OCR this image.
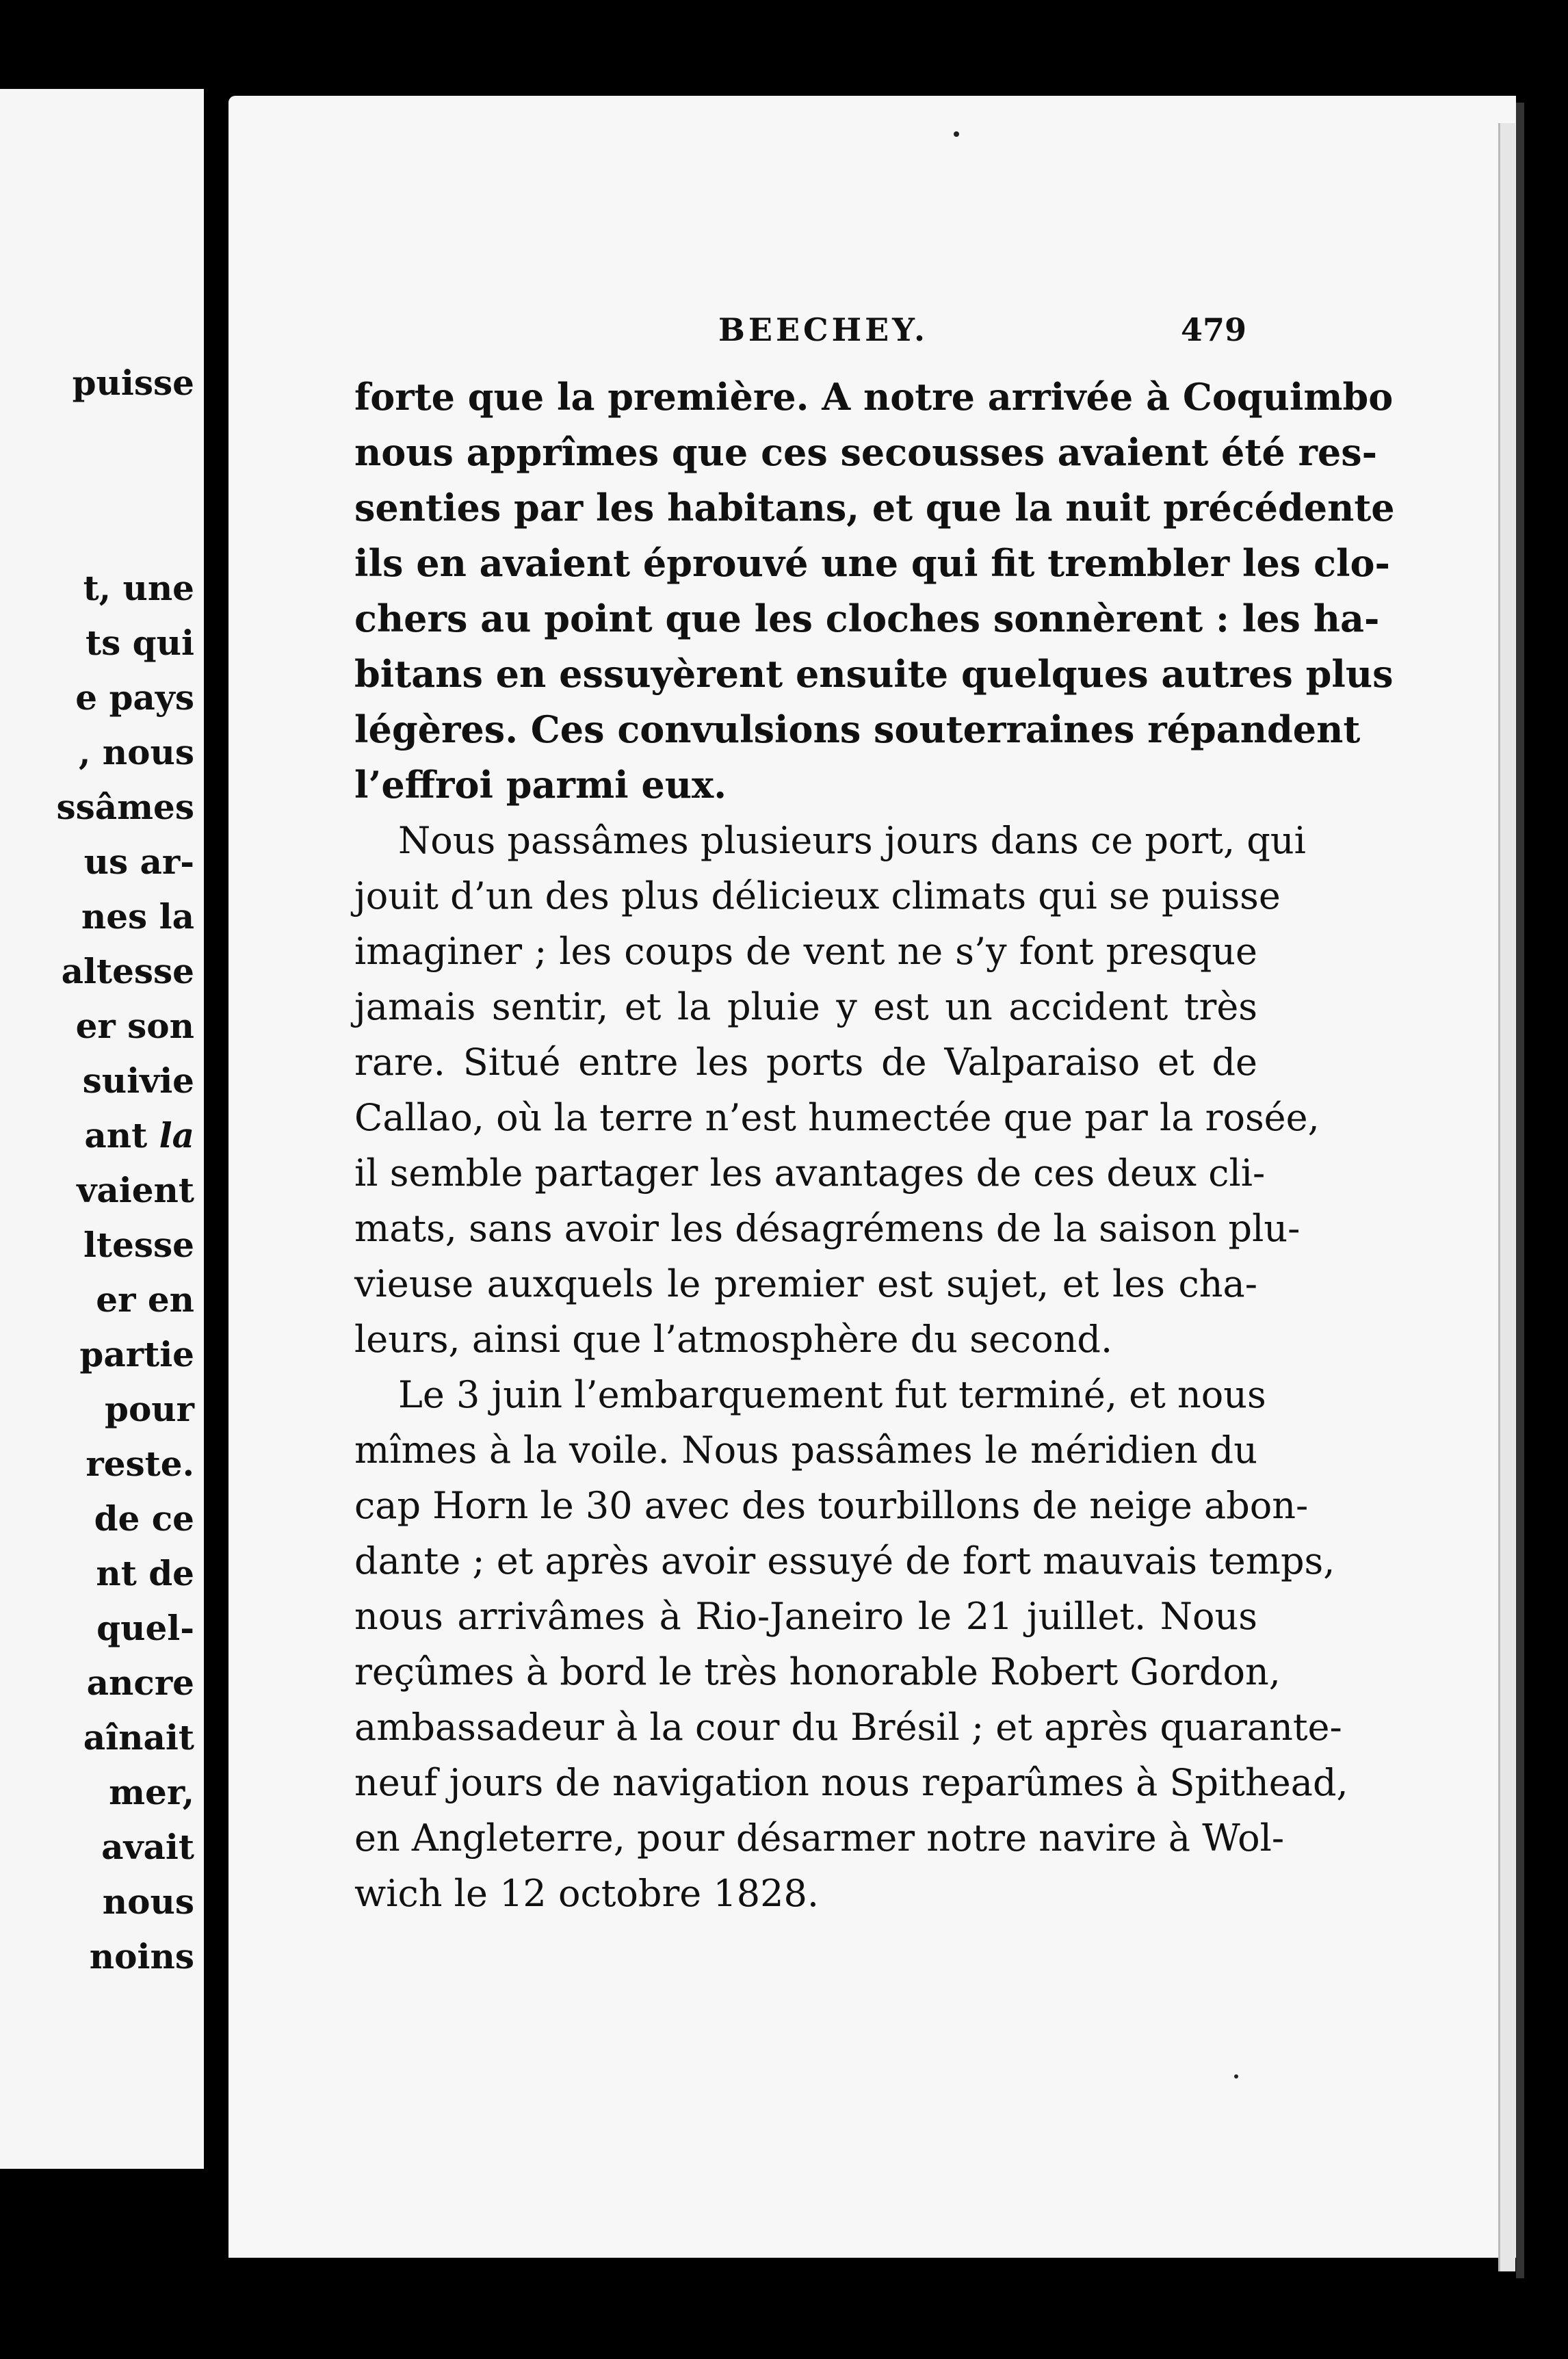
puisse
t, une
ts qui
e pays
, nous
ssâmes
us ar-
nes la
altesse
er son
suivie
ant la
vaient
ltesse
er en
partie
pour
reste.
de ce
nt de
quel-
ancre
aînait
mer,
avait
nous
noins
BEECHEY.	479
forte que la première. A notre arrivée à Coquimbo
nous apprîmes que ces secousses avaient été res-
senties par les habitans, et que la nuit précédente
ils en avaient éprouvé une qui fit trembler les clo-
chers au point que les cloches sonnèrent : les ha-
bitans en essuyèrent ensuite quelques autres plus
légères. Ces convulsions souterraines répandent
l’effroi parmi eux.
Nous passâmes plusieurs jours dans ce port, qui
jouit d’un des plus délicieux climats qui se puisse
imaginer ; les coups de vent ne s’y font presque
jamais sentir, et la pluie y est un accident très
rare. Situé entre les ports de Valparaiso et de
Callao, où la terre n’est humectée que par la rosée,
il semble partager les avantages de ces deux cli-
mats, sans avoir les désagrémens de la saison plu-
vieuse auxquels le premier est sujet, et les cha-
leurs, ainsi que l’atmosphère du second.
Le 3 juin l’embarquement fut terminé, et nous
mîmes à la voile. Nous passâmes le méridien du
cap Horn le 30 avec des tourbillons de neige abon-
dante ; et après avoir essuyé de fort mauvais temps,
nous arrivâmes à Rio-Janeiro le 21 juillet. Nous
reçûmes à bord le très honorable Robert Gordon,
ambassadeur à la cour du Brésil ; et après quarante-
neuf jours de navigation nous reparûmes à Spithead,
en Angleterre, pour désarmer notre navire à Wol-
wich le 12 octobre 1828.
